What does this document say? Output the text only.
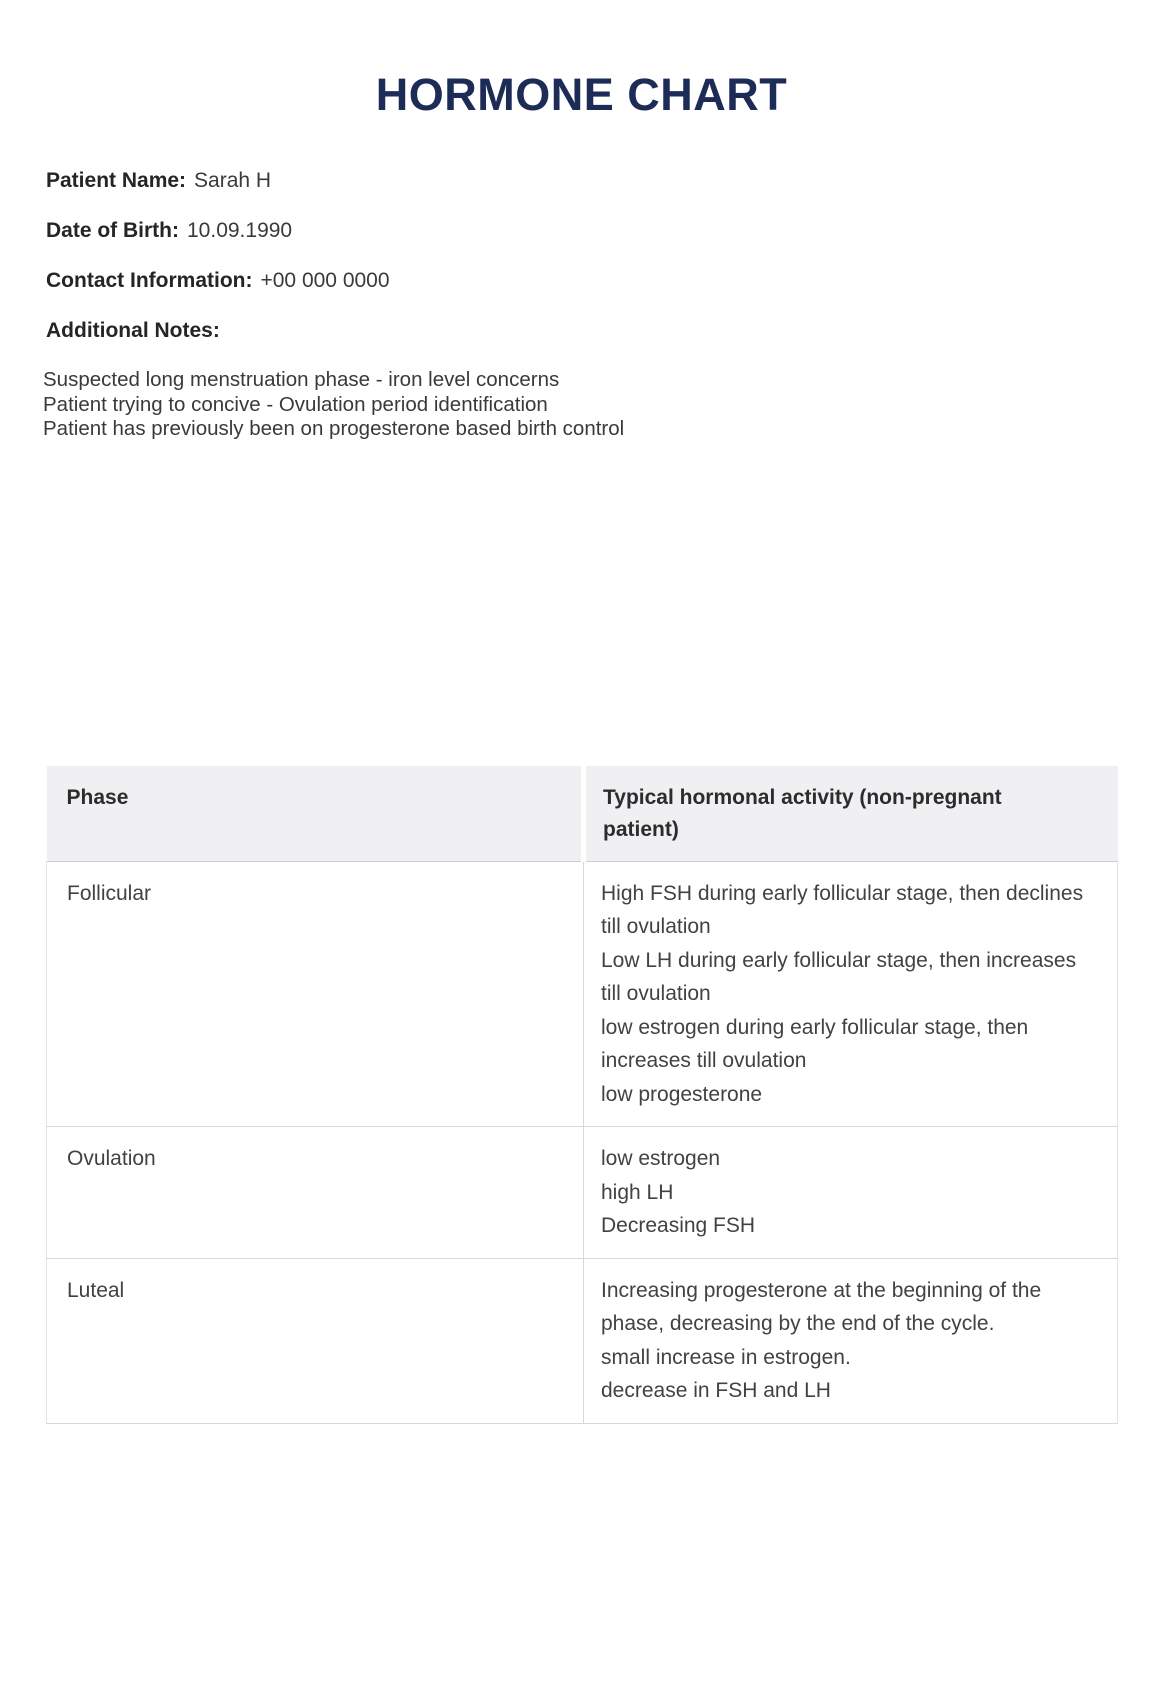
HORMONE CHART
Patient Name: Sarah H
Date of Birth: 10.09.1990
Contact Information: +00 000 0000
Additional Notes:
Suspected long menstruation phase - iron level concerns
Patient trying to concive - Ovulation period identification
Patient has previously been on progesterone based birth control
Phase	Typical hormonal activity (non-pregnant patient)

Follicular	High FSH during early follicular stage, then declines till ovulation
Low LH during early follicular stage, then increases till ovulation
low estrogen during early follicular stage, then increases till ovulation
low progesterone

Ovulation	low estrogen
high LH
Decreasing FSH

Luteal	Increasing progesterone at the beginning of the phase, decreasing by the end of the cycle.
small increase in estrogen.
decrease in FSH and LH
